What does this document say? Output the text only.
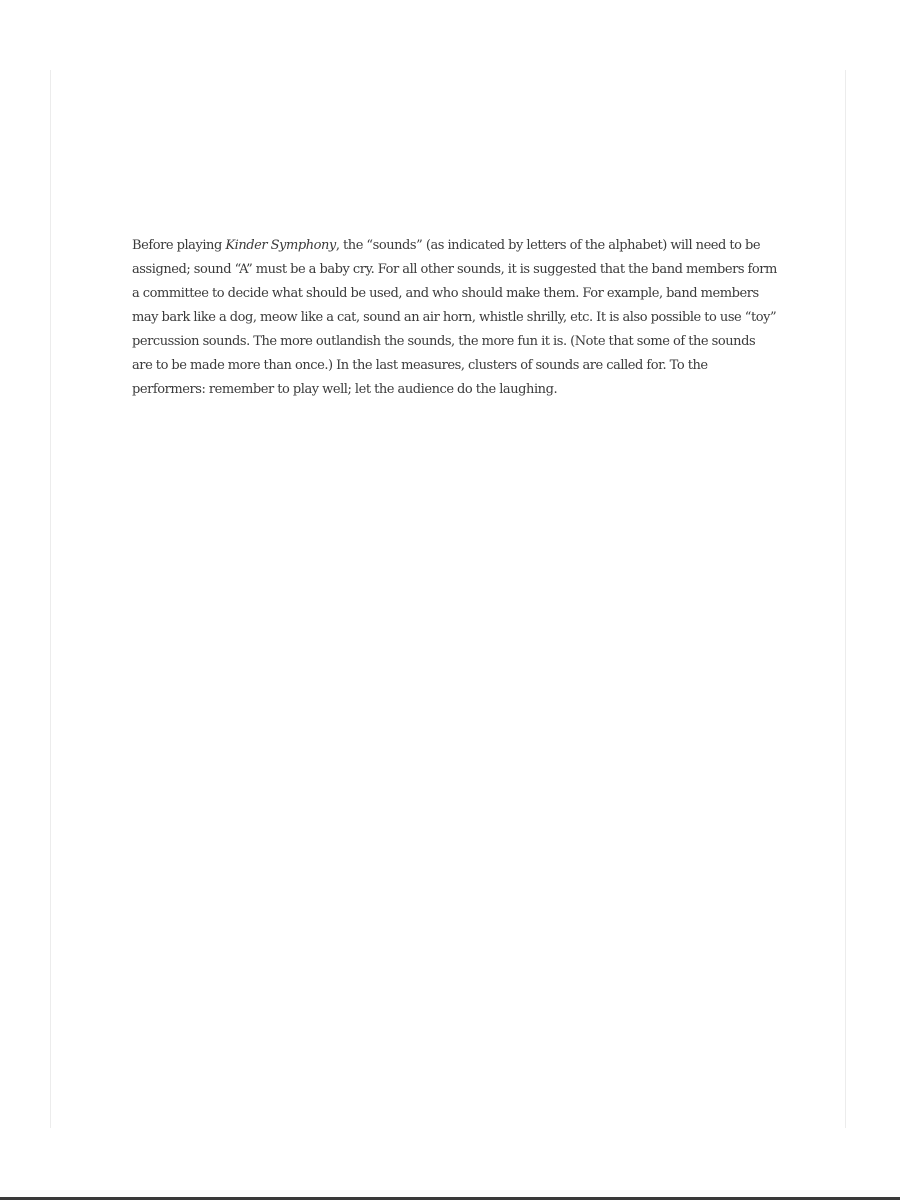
Before playing Kinder Symphony, the “sounds” (as indicated by letters of the alphabet) will need to be
assigned; sound “A” must be a baby cry. For all other sounds, it is suggested that the band members form
a committee to decide what should be used, and who should make them. For example, band members
may bark like a dog, meow like a cat, sound an air horn, whistle shrilly, etc. It is also possible to use “toy”
percussion sounds. The more outlandish the sounds, the more fun it is. (Note that some of the sounds
are to be made more than once.) In the last measures, clusters of sounds are called for. To the
performers: remember to play well; let the audience do the laughing.
